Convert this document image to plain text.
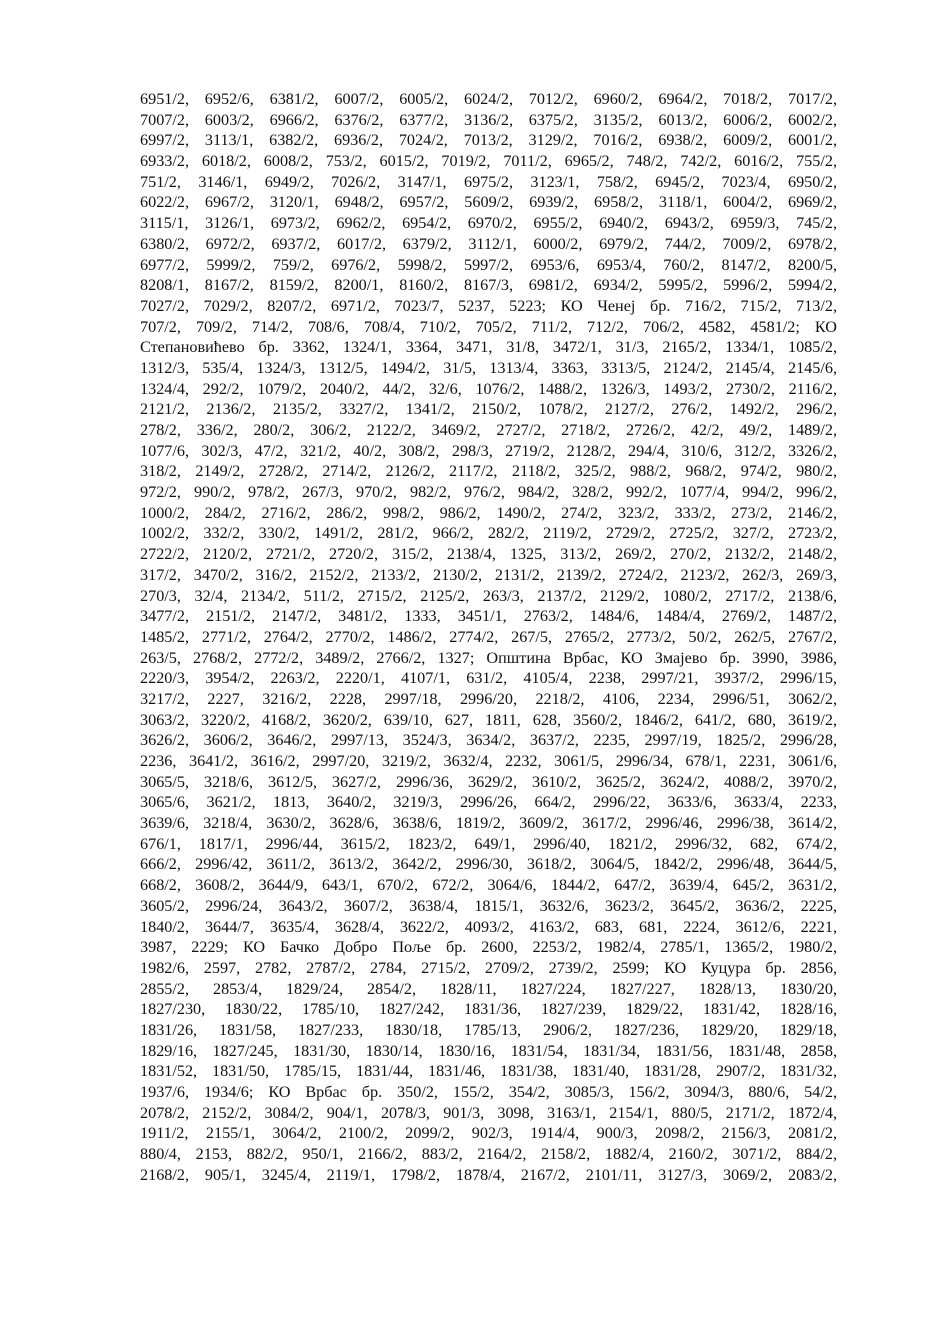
6951/2, 6952/6, 6381/2, 6007/2, 6005/2, 6024/2, 7012/2, 6960/2, 6964/2, 7018/2, 7017/2,
7007/2, 6003/2, 6966/2, 6376/2, 6377/2, 3136/2, 6375/2, 3135/2, 6013/2, 6006/2, 6002/2,
6997/2, 3113/1, 6382/2, 6936/2, 7024/2, 7013/2, 3129/2, 7016/2, 6938/2, 6009/2, 6001/2,
6933/2, 6018/2, 6008/2, 753/2, 6015/2, 7019/2, 7011/2, 6965/2, 748/2, 742/2, 6016/2, 755/2,
751/2, 3146/1, 6949/2, 7026/2, 3147/1, 6975/2, 3123/1, 758/2, 6945/2, 7023/4, 6950/2,
6022/2, 6967/2, 3120/1, 6948/2, 6957/2, 5609/2, 6939/2, 6958/2, 3118/1, 6004/2, 6969/2,
3115/1, 3126/1, 6973/2, 6962/2, 6954/2, 6970/2, 6955/2, 6940/2, 6943/2, 6959/3, 745/2,
6380/2, 6972/2, 6937/2, 6017/2, 6379/2, 3112/1, 6000/2, 6979/2, 744/2, 7009/2, 6978/2,
6977/2, 5999/2, 759/2, 6976/2, 5998/2, 5997/2, 6953/6, 6953/4, 760/2, 8147/2, 8200/5,
8208/1, 8167/2, 8159/2, 8200/1, 8160/2, 8167/3, 6981/2, 6934/2, 5995/2, 5996/2, 5994/2,
7027/2, 7029/2, 8207/2, 6971/2, 7023/7, 5237, 5223; КО Ченеј бр. 716/2, 715/2, 713/2,
707/2, 709/2, 714/2, 708/6, 708/4, 710/2, 705/2, 711/2, 712/2, 706/2, 4582, 4581/2; КО
Степановићево бр. 3362, 1324/1, 3364, 3471, 31/8, 3472/1, 31/3, 2165/2, 1334/1, 1085/2,
1312/3, 535/4, 1324/3, 1312/5, 1494/2, 31/5, 1313/4, 3363, 3313/5, 2124/2, 2145/4, 2145/6,
1324/4, 292/2, 1079/2, 2040/2, 44/2, 32/6, 1076/2, 1488/2, 1326/3, 1493/2, 2730/2, 2116/2,
2121/2, 2136/2, 2135/2, 3327/2, 1341/2, 2150/2, 1078/2, 2127/2, 276/2, 1492/2, 296/2,
278/2, 336/2, 280/2, 306/2, 2122/2, 3469/2, 2727/2, 2718/2, 2726/2, 42/2, 49/2, 1489/2,
1077/6, 302/3, 47/2, 321/2, 40/2, 308/2, 298/3, 2719/2, 2128/2, 294/4, 310/6, 312/2, 3326/2,
318/2, 2149/2, 2728/2, 2714/2, 2126/2, 2117/2, 2118/2, 325/2, 988/2, 968/2, 974/2, 980/2,
972/2, 990/2, 978/2, 267/3, 970/2, 982/2, 976/2, 984/2, 328/2, 992/2, 1077/4, 994/2, 996/2,
1000/2, 284/2, 2716/2, 286/2, 998/2, 986/2, 1490/2, 274/2, 323/2, 333/2, 273/2, 2146/2,
1002/2, 332/2, 330/2, 1491/2, 281/2, 966/2, 282/2, 2119/2, 2729/2, 2725/2, 327/2, 2723/2,
2722/2, 2120/2, 2721/2, 2720/2, 315/2, 2138/4, 1325, 313/2, 269/2, 270/2, 2132/2, 2148/2,
317/2, 3470/2, 316/2, 2152/2, 2133/2, 2130/2, 2131/2, 2139/2, 2724/2, 2123/2, 262/3, 269/3,
270/3, 32/4, 2134/2, 511/2, 2715/2, 2125/2, 263/3, 2137/2, 2129/2, 1080/2, 2717/2, 2138/6,
3477/2, 2151/2, 2147/2, 3481/2, 1333, 3451/1, 2763/2, 1484/6, 1484/4, 2769/2, 1487/2,
1485/2, 2771/2, 2764/2, 2770/2, 1486/2, 2774/2, 267/5, 2765/2, 2773/2, 50/2, 262/5, 2767/2,
263/5, 2768/2, 2772/2, 3489/2, 2766/2, 1327; Општина Врбас, КО Змајево бр. 3990, 3986,
2220/3, 3954/2, 2263/2, 2220/1, 4107/1, 631/2, 4105/4, 2238, 2997/21, 3937/2, 2996/15,
3217/2, 2227, 3216/2, 2228, 2997/18, 2996/20, 2218/2, 4106, 2234, 2996/51, 3062/2,
3063/2, 3220/2, 4168/2, 3620/2, 639/10, 627, 1811, 628, 3560/2, 1846/2, 641/2, 680, 3619/2,
3626/2, 3606/2, 3646/2, 2997/13, 3524/3, 3634/2, 3637/2, 2235, 2997/19, 1825/2, 2996/28,
2236, 3641/2, 3616/2, 2997/20, 3219/2, 3632/4, 2232, 3061/5, 2996/34, 678/1, 2231, 3061/6,
3065/5, 3218/6, 3612/5, 3627/2, 2996/36, 3629/2, 3610/2, 3625/2, 3624/2, 4088/2, 3970/2,
3065/6, 3621/2, 1813, 3640/2, 3219/3, 2996/26, 664/2, 2996/22, 3633/6, 3633/4, 2233,
3639/6, 3218/4, 3630/2, 3628/6, 3638/6, 1819/2, 3609/2, 3617/2, 2996/46, 2996/38, 3614/2,
676/1, 1817/1, 2996/44, 3615/2, 1823/2, 649/1, 2996/40, 1821/2, 2996/32, 682, 674/2,
666/2, 2996/42, 3611/2, 3613/2, 3642/2, 2996/30, 3618/2, 3064/5, 1842/2, 2996/48, 3644/5,
668/2, 3608/2, 3644/9, 643/1, 670/2, 672/2, 3064/6, 1844/2, 647/2, 3639/4, 645/2, 3631/2,
3605/2, 2996/24, 3643/2, 3607/2, 3638/4, 1815/1, 3632/6, 3623/2, 3645/2, 3636/2, 2225,
1840/2, 3644/7, 3635/4, 3628/4, 3622/2, 4093/2, 4163/2, 683, 681, 2224, 3612/6, 2221,
3987, 2229; КО Бачко Добро Поље бр. 2600, 2253/2, 1982/4, 2785/1, 1365/2, 1980/2,
1982/6, 2597, 2782, 2787/2, 2784, 2715/2, 2709/2, 2739/2, 2599; КО Куцура бр. 2856,
2855/2, 2853/4, 1829/24, 2854/2, 1828/11, 1827/224, 1827/227, 1828/13, 1830/20,
1827/230, 1830/22, 1785/10, 1827/242, 1831/36, 1827/239, 1829/22, 1831/42, 1828/16,
1831/26, 1831/58, 1827/233, 1830/18, 1785/13, 2906/2, 1827/236, 1829/20, 1829/18,
1829/16, 1827/245, 1831/30, 1830/14, 1830/16, 1831/54, 1831/34, 1831/56, 1831/48, 2858,
1831/52, 1831/50, 1785/15, 1831/44, 1831/46, 1831/38, 1831/40, 1831/28, 2907/2, 1831/32,
1937/6, 1934/6; КО Врбас бр. 350/2, 155/2, 354/2, 3085/3, 156/2, 3094/3, 880/6, 54/2,
2078/2, 2152/2, 3084/2, 904/1, 2078/3, 901/3, 3098, 3163/1, 2154/1, 880/5, 2171/2, 1872/4,
1911/2, 2155/1, 3064/2, 2100/2, 2099/2, 902/3, 1914/4, 900/3, 2098/2, 2156/3, 2081/2,
880/4, 2153, 882/2, 950/1, 2166/2, 883/2, 2164/2, 2158/2, 1882/4, 2160/2, 3071/2, 884/2,
2168/2, 905/1, 3245/4, 2119/1, 1798/2, 1878/4, 2167/2, 2101/11, 3127/3, 3069/2, 2083/2,
